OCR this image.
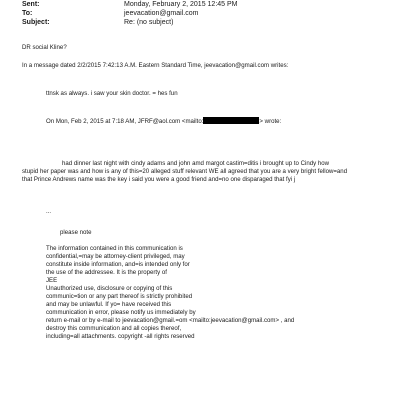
Sent:	Monday, February 2, 2015 12:45 PM
To:	jeevacation@gmail.com
Subject:	Re: (no subject)
DR social Kline?
In a message dated 2/2/2015 7:42:13 A.M. Eastern Standard Time, jeevacation@gmail.com writes:
ttnsk as always. i saw your skin doctor. = hes fun
On Mon, Feb 2, 2015 at 7:18 AM, JFRF@aol.com <mailto:	> wrote:
had dinner last night with cindy adams and john amd margot castim=ditis i brought up to Cindy how
stupid her paper was and how is any of this=20 alleged stuff relevant WE all agreed that you are a very bright fellow=and
that Prince Andrews name was the key i said you were a good friend and=no one disparaged that fyi j
...
please note
The information contained in this communication is
confidential,=may be attorney-client privileged, may
constitute inside information, and=is intended only for
the use of the addressee. It is the property of
JEE
Unauthorized use, disclosure or copying of this
communic=tion or any part thereof is strictly prohibited
and may be unlawful. If yo= have received this
communication in error, please notify us immediately by
return e-mail or by e-mail to jeevacation@gmail.=om <mailto:jeevacation@gmail.com> , and
destroy this communication and all copies thereof,
including=all attachments. copyright -all rights reserved
